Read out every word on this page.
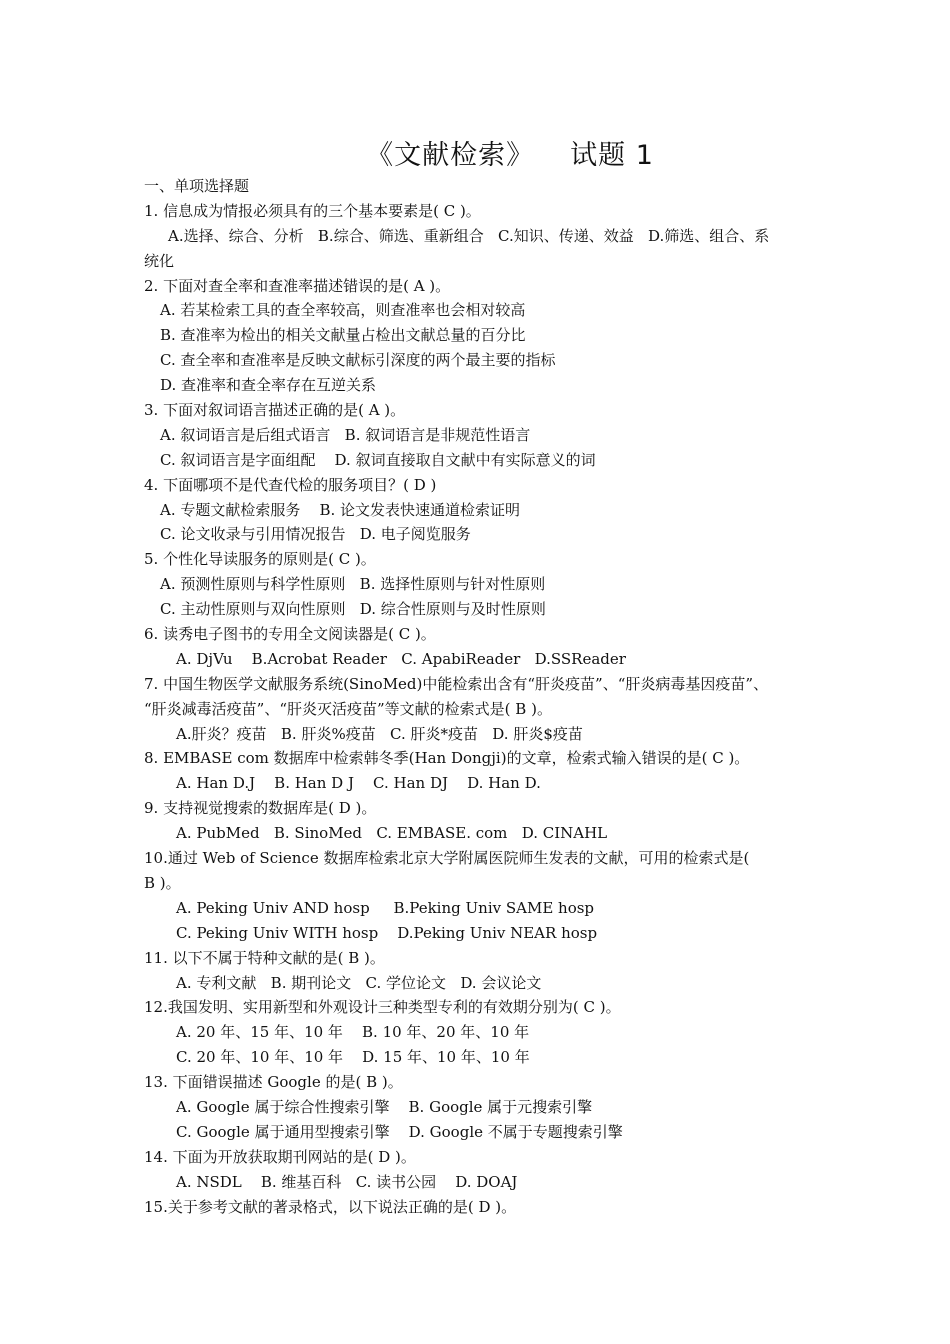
《文献检索》 试题 1
一、单项选择题
1. 信息成为情报必须具有的三个基本要素是( C )。
A.选择、综合、分析   B.综合、筛选、重新组合   C.知识、传递、效益   D.筛选、组合、系
统化
2. 下面对查全率和查准率描述错误的是( A )。
A. 若某检索工具的查全率较高，则查准率也会相对较高
B. 查准率为检出的相关文献量占检出文献总量的百分比
C. 查全率和查准率是反映文献标引深度的两个最主要的指标
D. 查准率和查全率存在互逆关系
3. 下面对叙词语言描述正确的是( A )。
A. 叙词语言是后组式语言   B. 叙词语言是非规范性语言
C. 叙词语言是字面组配    D. 叙词直接取自文献中有实际意义的词
4. 下面哪项不是代查代检的服务项目？( D )
A. 专题文献检索服务    B. 论文发表快速通道检索证明
C. 论文收录与引用情况报告   D. 电子阅览服务
5. 个性化导读服务的原则是( C )。
A. 预测性原则与科学性原则   B. 选择性原则与针对性原则
C. 主动性原则与双向性原则   D. 综合性原则与及时性原则
6. 读秀电子图书的专用全文阅读器是( C )。
A. DjVu    B.Acrobat Reader   C. ApabiReader   D.SSReader
7. 中国生物医学文献服务系统(SinoMed)中能检索出含有“肝炎疫苗”、“肝炎病毒基因疫苗”、
“肝炎减毒活疫苗”、“肝炎灭活疫苗”等文献的检索式是( B )。
A.肝炎？疫苗   B. 肝炎%疫苗   C. 肝炎*疫苗   D. 肝炎$疫苗
8. EMBASE com 数据库中检索韩冬季(Han Dongji)的文章，检索式输入错误的是( C )。
A. Han D.J    B. Han D J    C. Han DJ    D. Han D.
9. 支持视觉搜索的数据库是( D )。
A. PubMed   B. SinoMed   C. EMBASE. com   D. CINAHL
10.通过 Web of Science 数据库检索北京大学附属医院师生发表的文献，可用的检索式是(
B )。
A. Peking Univ AND hosp     B.Peking Univ SAME hosp
C. Peking Univ WITH hosp    D.Peking Univ NEAR hosp
11. 以下不属于特种文献的是( B )。
A. 专利文献   B. 期刊论文   C. 学位论文   D. 会议论文
12.我国发明、实用新型和外观设计三种类型专利的有效期分别为( C )。
A. 20 年、15 年、10 年    B. 10 年、20 年、10 年
C. 20 年、10 年、10 年    D. 15 年、10 年、10 年
13. 下面错误描述 Google 的是( B )。
A. Google 属于综合性搜索引擎    B. Google 属于元搜索引擎
C. Google 属于通用型搜索引擎    D. Google 不属于专题搜索引擎
14. 下面为开放获取期刊网站的是( D )。
A. NSDL    B. 维基百科   C. 读书公园    D. DOAJ
15.关于参考文献的著录格式，以下说法正确的是( D )。
